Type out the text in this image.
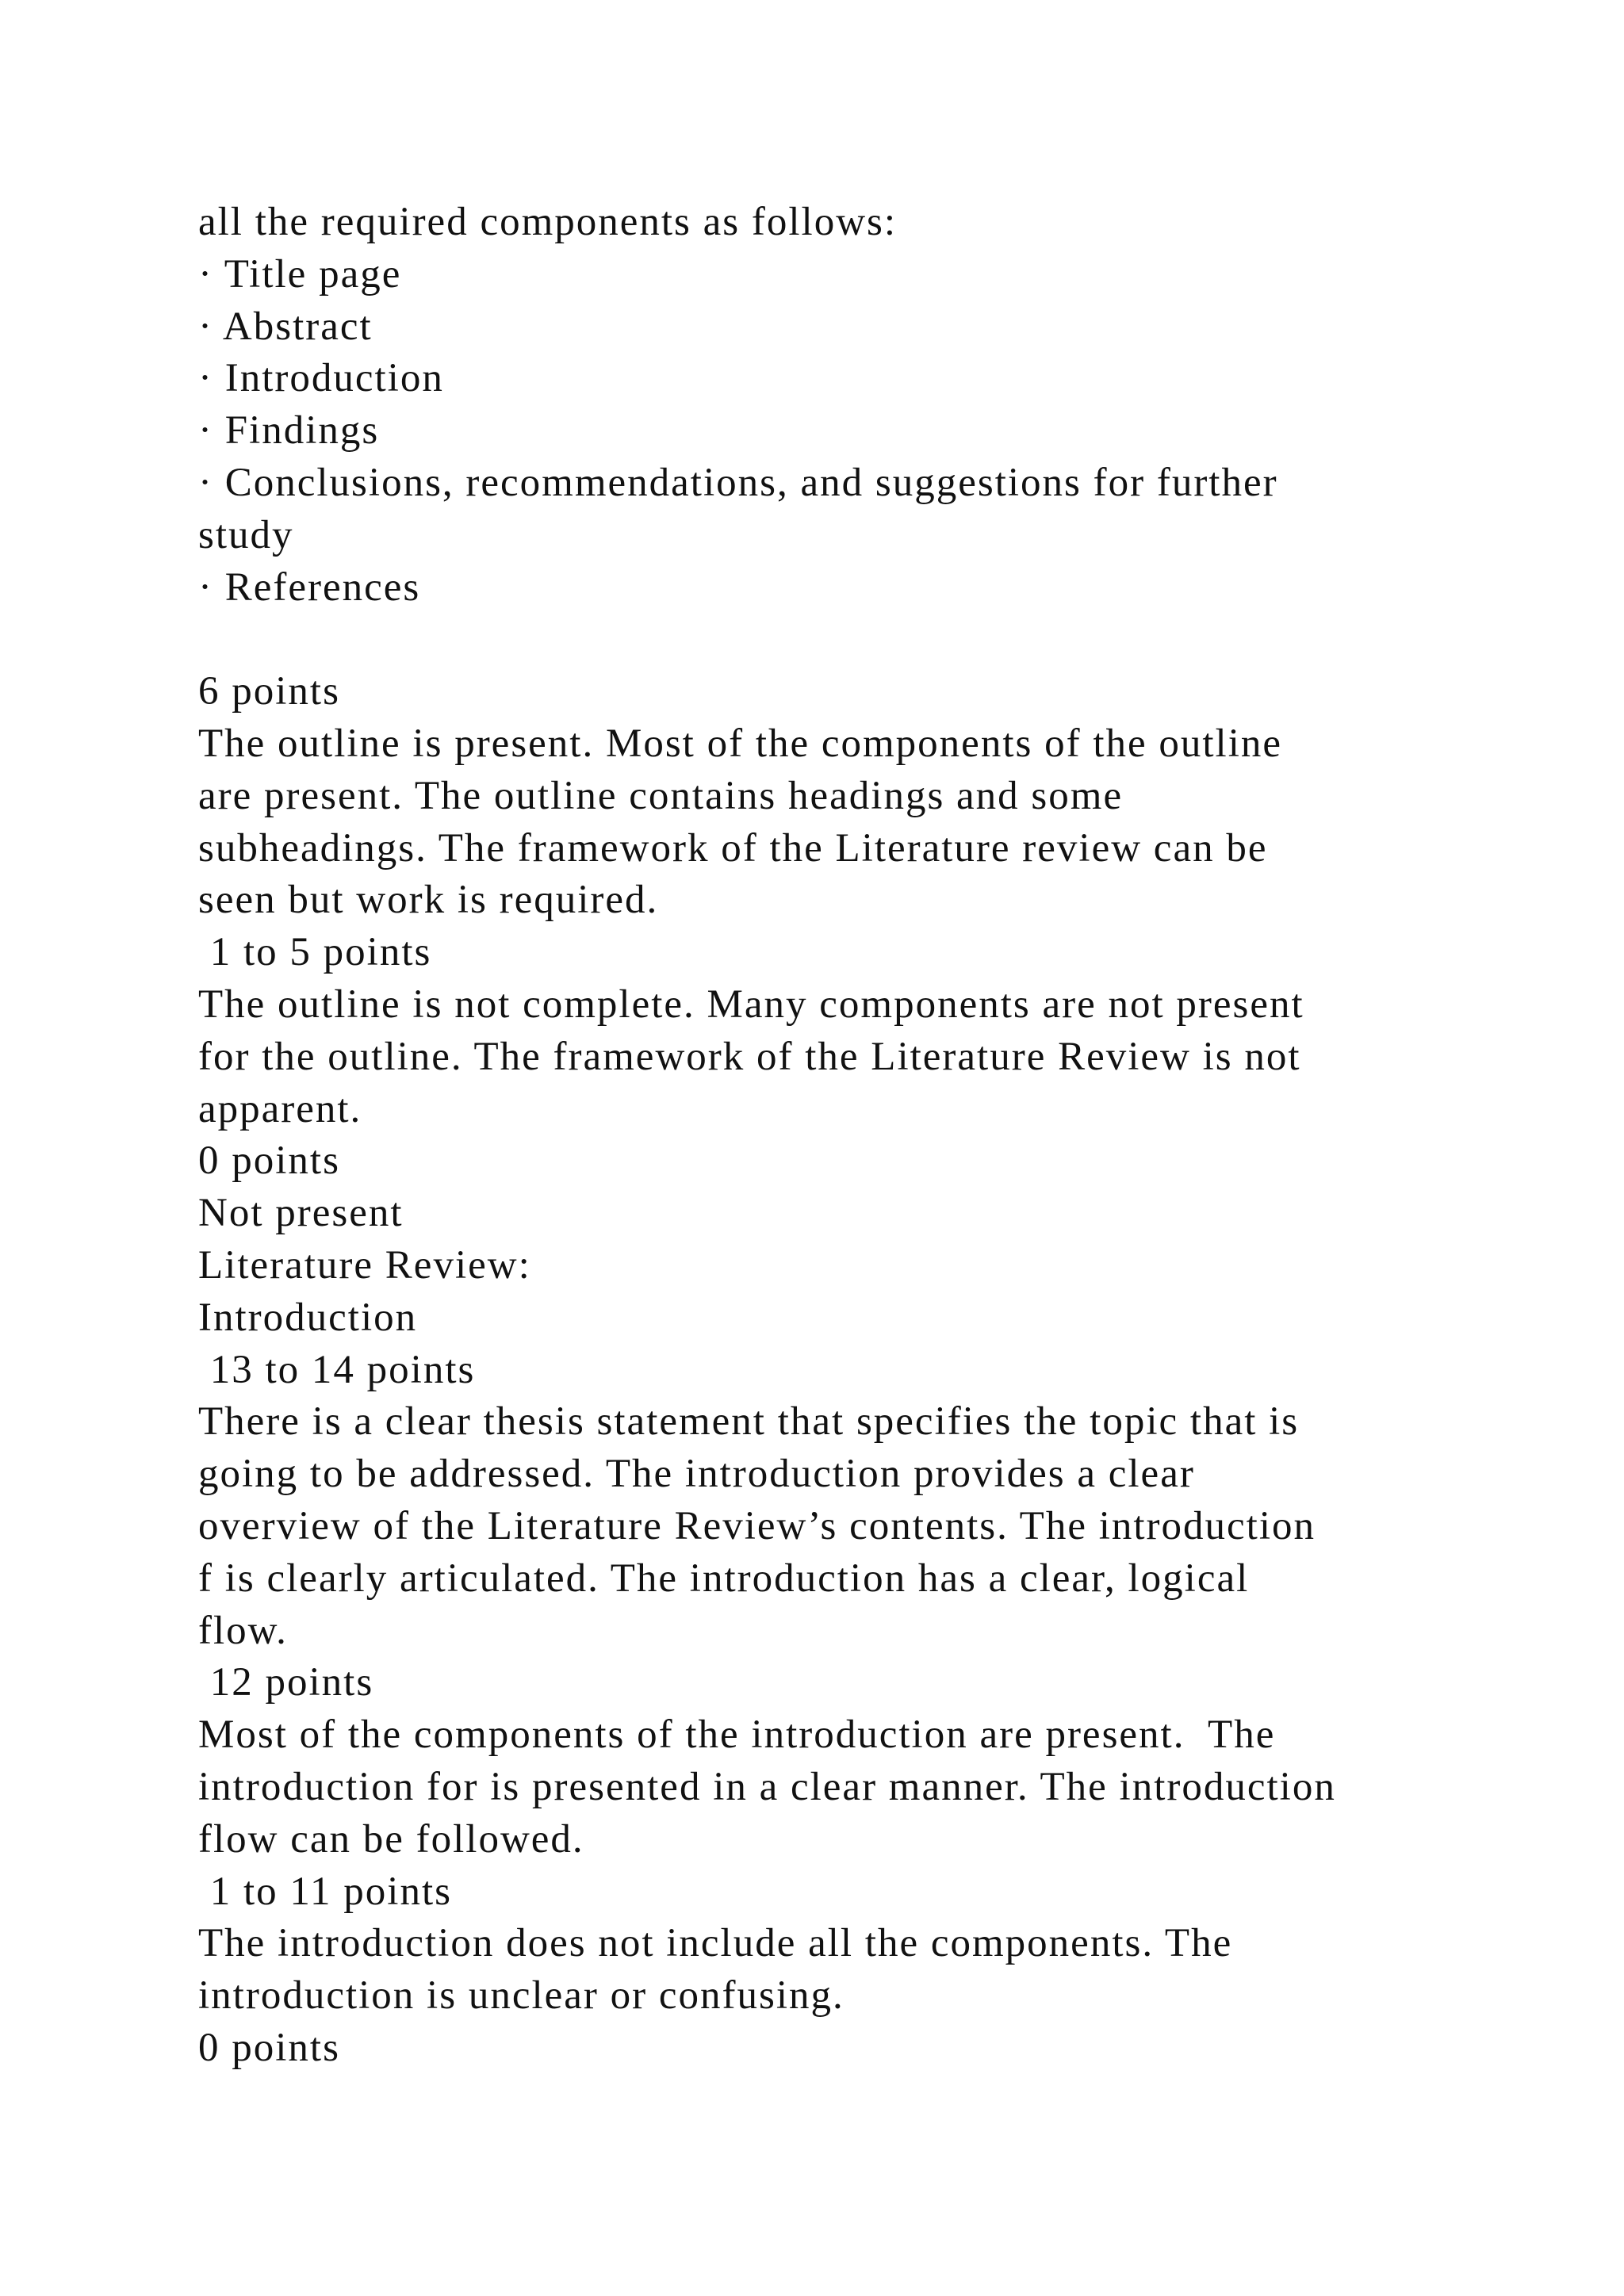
all the required components as follows:
· Title page
· Abstract
· Introduction
· Findings
· Conclusions, recommendations, and suggestions for further
study
· References
6 points
The outline is present. Most of the components of the outline
are present. The outline contains headings and some
subheadings. The framework of the Literature review can be
seen but work is required.
1 to 5 points
The outline is not complete. Many components are not present
for the outline. The framework of the Literature Review is not
apparent.
0 points
Not present
Literature Review:
Introduction
13 to 14 points
There is a clear thesis statement that specifies the topic that is
going to be addressed. The introduction provides a clear
overview of the Literature Review’s contents. The introduction
f is clearly articulated. The introduction has a clear, logical
flow.
12 points
Most of the components of the introduction are present.  The
introduction for is presented in a clear manner. The introduction
flow can be followed.
1 to 11 points
The introduction does not include all the components. The
introduction is unclear or confusing.
0 points
